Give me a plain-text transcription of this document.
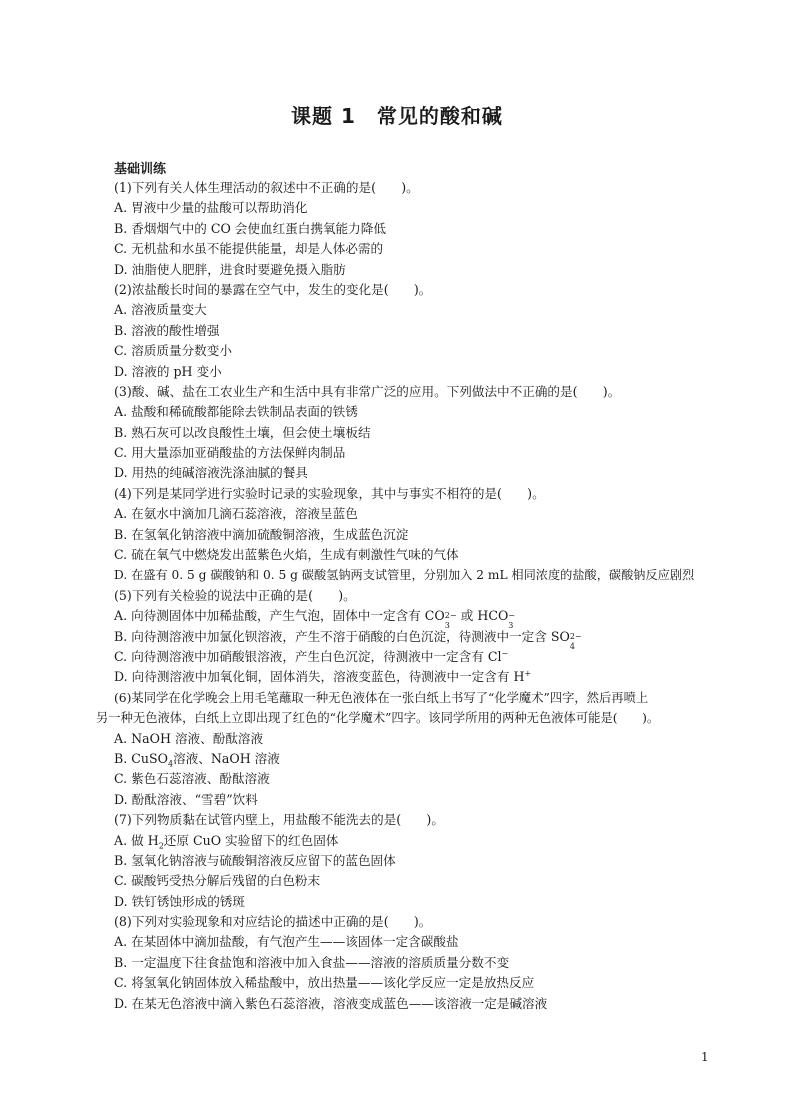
课题 1　常见的酸和碱
基础训练
(1)下列有关人体生理活动的叙述中不正确的是(　　)。
A. 胃液中少量的盐酸可以帮助消化
B. 香烟烟气中的 CO 会使血红蛋白携氧能力降低
C. 无机盐和水虽不能提供能量，却是人体必需的
D. 油脂使人肥胖，进食时要避免摄入脂肪
(2)浓盐酸长时间的暴露在空气中，发生的变化是(　　)。
A. 溶液质量变大
B. 溶液的酸性增强
C. 溶质质量分数变小
D. 溶液的 pH 变小
(3)酸、碱、盐在工农业生产和生活中具有非常广泛的应用。下列做法中不正确的是(　　)。
A. 盐酸和稀硫酸都能除去铁制品表面的铁锈
B. 熟石灰可以改良酸性土壤，但会使土壤板结
C. 用大量添加亚硝酸盐的方法保鲜肉制品
D. 用热的纯碱溶液洗涤油腻的餐具
(4)下列是某同学进行实验时记录的实验现象，其中与事实不相符的是(　　)。
A. 在氨水中滴加几滴石蕊溶液，溶液呈蓝色
B. 在氢氧化钠溶液中滴加硫酸铜溶液，生成蓝色沉淀
C. 硫在氧气中燃烧发出蓝紫色火焰，生成有刺激性气味的气体
D. 在盛有 0. 5 g 碳酸钠和 0. 5 g 碳酸氢钠两支试管里，分别加入 2 mL 相同浓度的盐酸，碳酸钠反应剧烈
(5)下列有关检验的说法中正确的是(　　)。
A. 向待测固体中加稀盐酸，产生气泡，固体中一定含有 CO 2−
3
或 HCO −
3
B. 向待测溶液中加氯化钡溶液，产生不溶于硝酸的白色沉淀，待测液中一定含 SO 2−
4
C. 向待测溶液中加硝酸银溶液，产生白色沉淀，待测液中一定含有 Cl−
D. 向待测溶液中加氧化铜，固体消失，溶液变蓝色，待测液中一定含有 H+
(6)某同学在化学晚会上用毛笔蘸取一种无色液体在一张白纸上书写了“化学魔术”四字，然后再喷上
另一种无色液体，白纸上立即出现了红色的“化学魔术”四字。该同学所用的两种无色液体可能是(　　)。
A. NaOH 溶液、酚酞溶液
B. CuSO$_4$溶液、NaOH 溶液
C. 紫色石蕊溶液、酚酞溶液
D. 酚酞溶液、“雪碧”饮料
(7)下列物质黏在试管内壁上，用盐酸不能洗去的是(　　)。
A. 做 $H_2$还原 CuO 实验留下的红色固体
B. 氢氧化钠溶液与硫酸铜溶液反应留下的蓝色固体
C. 碳酸钙受热分解后残留的白色粉末
D. 铁钉锈蚀形成的锈斑
(8)下列对实验现象和对应结论的描述中正确的是(　　)。
A. 在某固体中滴加盐酸，有气泡产生——该固体一定含碳酸盐
B. 一定温度下往食盐饱和溶液中加入食盐——溶液的溶质质量分数不变
C. 将氢氧化钠固体放入稀盐酸中，放出热量——该化学反应一定是放热反应
D. 在某无色溶液中滴入紫色石蕊溶液，溶液变成蓝色——该溶液一定是碱溶液
1
